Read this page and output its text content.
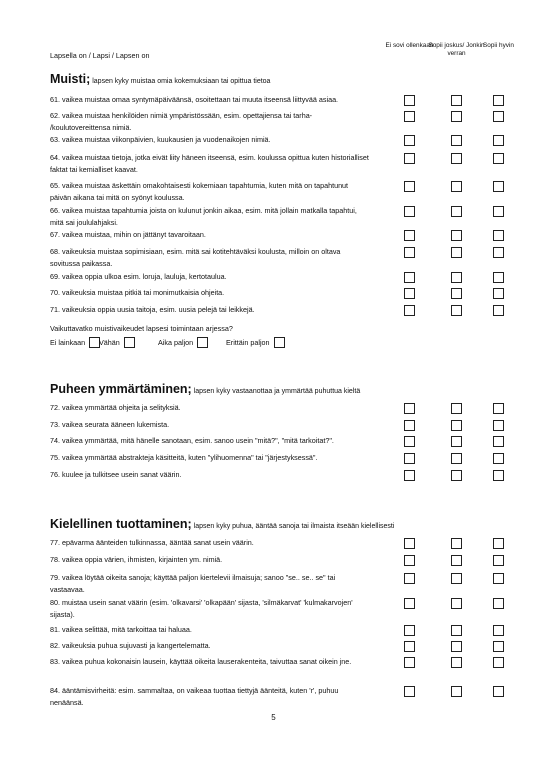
Lapsella on / Lapsi / Lapsen on
Ei sovi ollenkaan
Sopii joskus/ Jonkin verran
Sopii hyvin
Muisti; lapsen kyky muistaa omia kokemuksiaan tai opittua tietoa
61. vaikea muistaa omaa syntymäpäiväänsä, osoitettaan tai muuta itseensä liittyvää asiaa.
62. vaikea muistaa henkilöiden nimiä ympäristössään, esim. opettajiensa tai tarha- /koulutovereittensa nimiä.
63. vaikea muistaa viikonpäivien, kuukausien ja vuodenaikojen nimiä.
64. vaikea muistaa tietoja, jotka eivät liity häneen itseensä, esim. koulussa opittua kuten historialliset faktat tai kemialliset kaavat.
65. vaikea muistaa äskettäin omakohtaisesti kokemiaan tapahtumia, kuten mitä on tapahtunut päivän aikana tai mitä on syönyt koulussa.
66. vaikea muistaa tapahtumia joista on kulunut jonkin aikaa, esim. mitä jollain matkalla tapahtui, mitä sai joululahjaksi.
67. vaikea muistaa, mihin on jättänyt tavaroitaan.
68. vaikeuksia muistaa sopimisiaan, esim. mitä sai kotitehtäväksi koulusta, milloin on oltava sovitussa paikassa.
69. vaikea oppia ulkoa esim. loruja, lauluja, kertotaulua.
70. vaikeuksia muistaa pitkiä tai monimutkaisia ohjeita.
71. vaikeuksia oppia uusia taitoja, esim. uusia pelejä tai leikkejä.
Vaikuttavatko muistivaikeudet lapsesi toimintaan arjessa?
Ei lainkaan Vähän	Aika paljon	Erittäin paljon
Puheen ymmärtäminen; lapsen kyky vastaanottaa ja ymmärtää puhuttua kieltä
72. vaikea ymmärtää ohjeita ja selityksiä.
73. vaikea seurata ääneen lukemista.
74. vaikea ymmärtää, mitä hänelle sanotaan, esim. sanoo usein "mitä?", "mitä tarkoitat?".
75. vaikea ymmärtää abstrakteja käsitteitä, kuten "ylihuomenna" tai "järjestyksessä".
76. kuulee ja tulkitsee usein sanat väärin.
Kielellinen tuottaminen; lapsen kyky puhua, ääntää sanoja tai ilmaista itseään kielellisesti
77. epävarma äänteiden tulkinnassa, ääntää sanat usein väärin.
78. vaikea oppia värien, ihmisten, kirjainten ym. nimiä.
79. vaikea löytää oikeita sanoja; käyttää paljon kiertelevii ilmaisuja; sanoo "se.. se.. se" tai vastaavaa.
80. muistaa usein sanat väärin (esim. 'olkavarsi' 'olkapään' sijasta, 'silmäkarvat' 'kulmakarvojen' sijasta).
81. vaikea selittää, mitä tarkoittaa tai haluaa.
82. vaikeuksia puhua sujuvasti ja kangertelematta.
83. vaikea puhua kokonaisin lausein, käyttää oikeita lauserakenteita, taivuttaa sanat oikein jne.
84. ääntämisvirheitä: esim. sammaltaa, on vaikeaa tuottaa tiettyjä äänteitä, kuten 'r', puhuu nenäänsä.
5
